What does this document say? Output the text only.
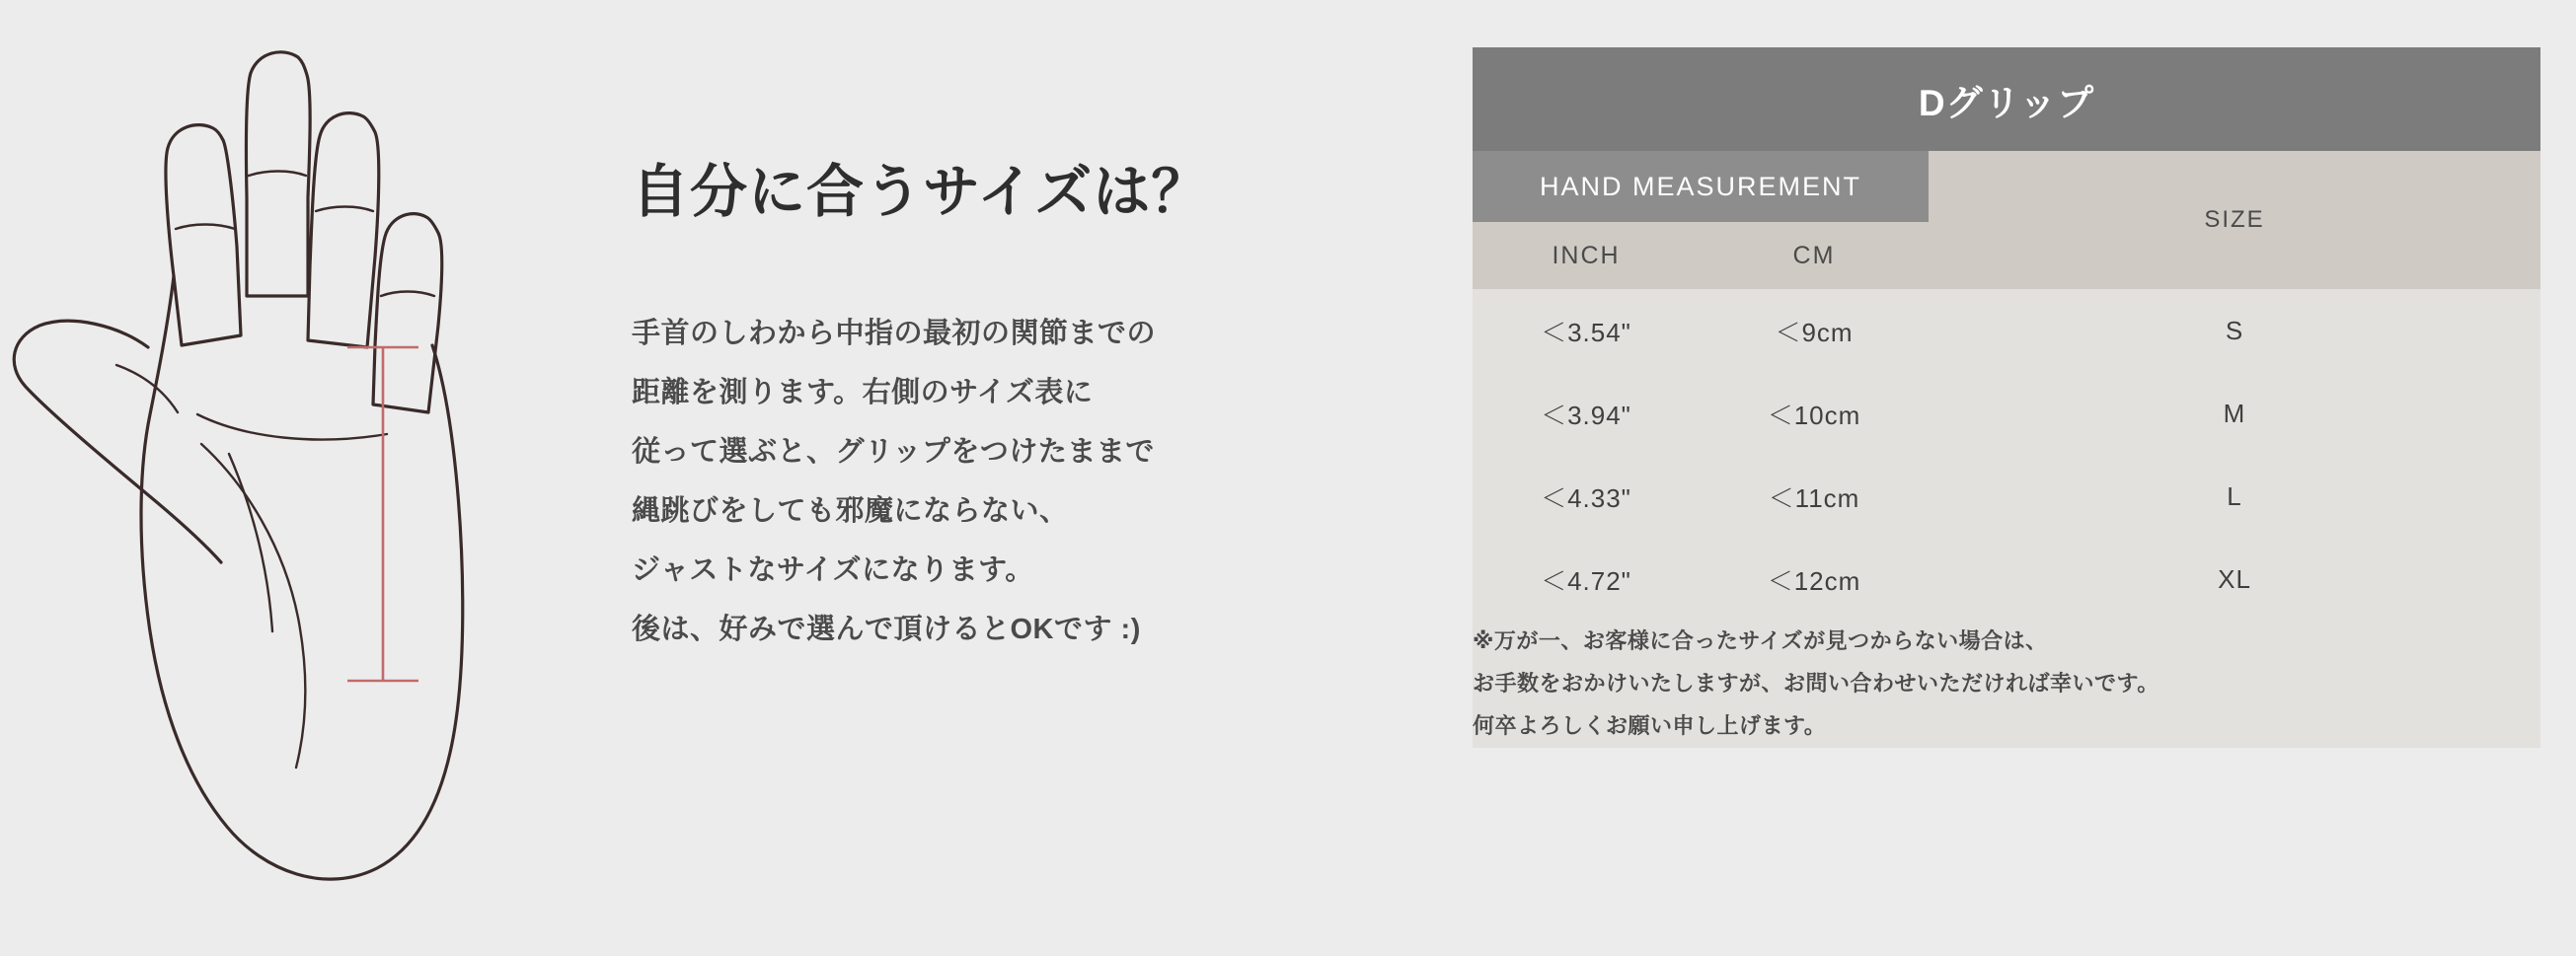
自分に合うサイズは？
手首のしわから中指の最初の関節までの
距離を測ります。右側のサイズ表に
従って選ぶと、グリップをつけたままで
縄跳びをしても邪魔にならない、
ジャストなサイズになります。
後は、好みで選んで頂けるとOKです :)
Dグリップ		
HAND MEASUREMENT		SIZE
INCH	CM	
＜3.54"	＜9cm	S
＜3.94"	＜10cm	M
＜4.33"	＜11cm	L
＜4.72"	＜12cm	XL

※万が一、お客様に合ったサイズが見つからない場合は、
お手数をおかけいたしますが、お問い合わせいただければ幸いです。
何卒よろしくお願い申し上げます。		
